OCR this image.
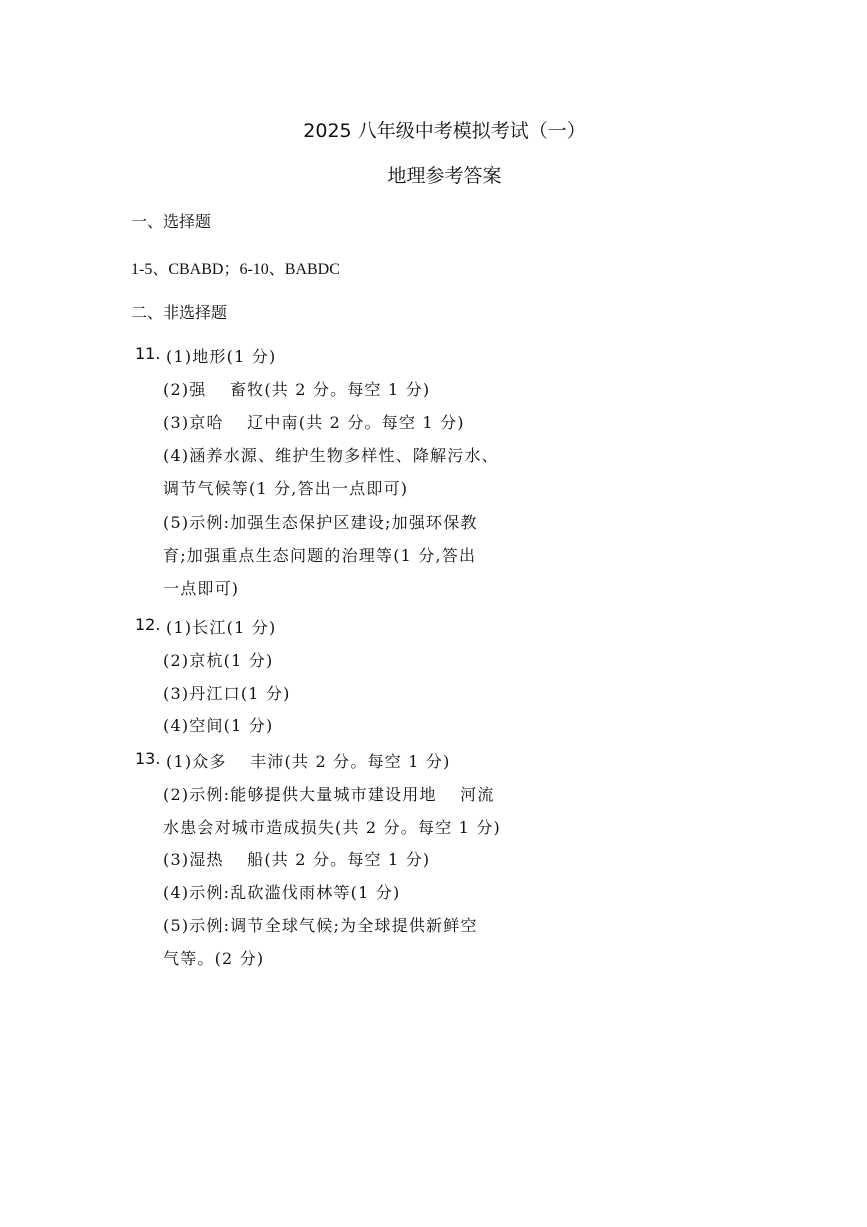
2025 八年级中考模拟考试（一）
地理参考答案
一、选择题
1-5、CBABD；6-10、BABDC
二、非选择题
11. (1)地形(1 分)
(2)强　 畜牧(共 2 分。每空 1 分)
(3)京哈　 辽中南(共 2 分。每空 1 分)
(4)涵养水源、维护生物多样性、降解污水、
调节气候等(1 分,答出一点即可)
(5)示例:加强生态保护区建设;加强环保教
育;加强重点生态问题的治理等(1 分,答出
一点即可)
12. (1)长江(1 分)
(2)京杭(1 分)
(3)丹江口(1 分)
(4)空间(1 分)
13. (1)众多　 丰沛(共 2 分。每空 1 分)
(2)示例:能够提供大量城市建设用地　 河流
水患会对城市造成损失(共 2 分。每空 1 分)
(3)湿热　 船(共 2 分。每空 1 分)
(4)示例:乱砍滥伐雨林等(1 分)
(5)示例:调节全球气候;为全球提供新鲜空
气等。(2 分)
